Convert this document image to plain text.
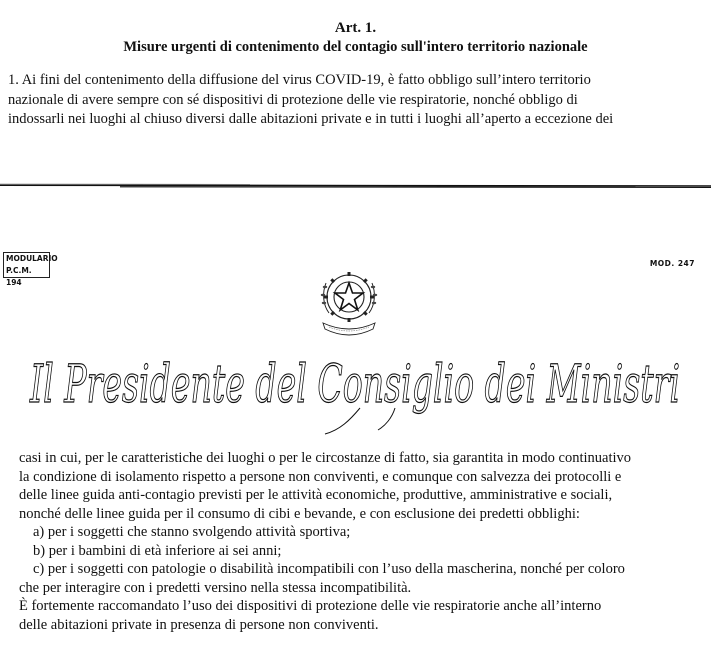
Art. 1.
Misure urgenti di contenimento del contagio sull'intero territorio nazionale
1. Ai fini del contenimento della diffusione del virus COVID-19, è fatto obbligo sull’intero territorio
nazionale di avere sempre con sé dispositivi di protezione delle vie respiratorie, nonché obbligo di
indossarli nei luoghi al chiuso diversi dalle abitazioni private e in tutti i luoghi all’aperto a eccezione dei
MODULARIO
P.C.M. 194
MOD. 247
Il Presidente del Consiglio dei Ministri
casi in cui, per le caratteristiche dei luoghi o per le circostanze di fatto, sia garantita in modo continuativo
la condizione di isolamento rispetto a persone non conviventi, e comunque con salvezza dei protocolli e
delle linee guida anti-contagio previsti per le attività economiche, produttive, amministrative e sociali,
nonché delle linee guida per il consumo di cibi e bevande, e con esclusione dei predetti obblighi:
a) per i soggetti che stanno svolgendo attività sportiva;
b) per i bambini di età inferiore ai sei anni;
c) per i soggetti con patologie o disabilità incompatibili con l’uso della mascherina, nonché per coloro
che per interagire con i predetti versino nella stessa incompatibilità.
È fortemente raccomandato l’uso dei dispositivi di protezione delle vie respiratorie anche all’interno
delle abitazioni private in presenza di persone non conviventi.
